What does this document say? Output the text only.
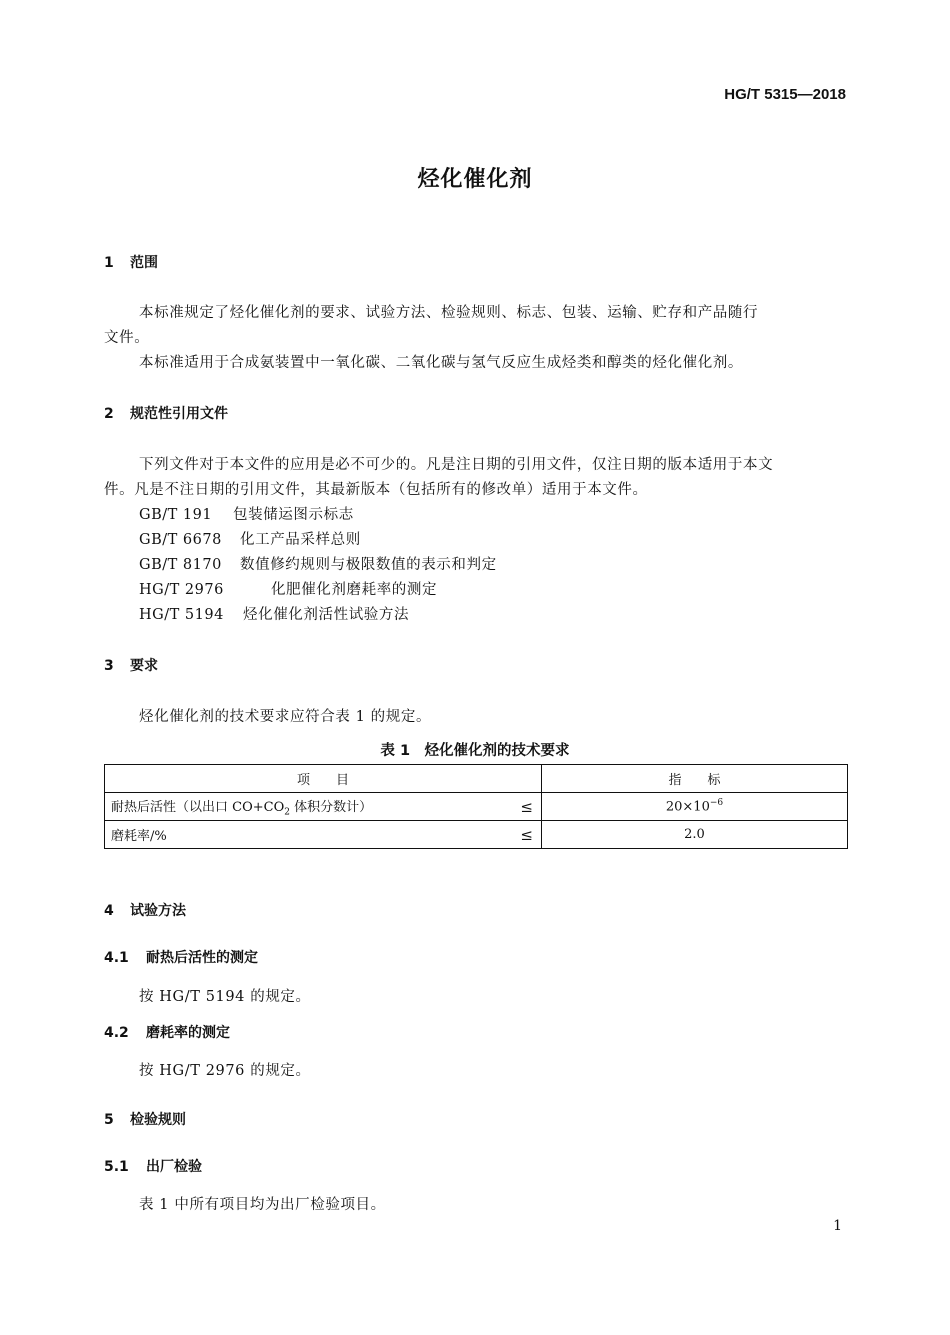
HG/T 5315—2018
烃化催化剂
1 范围
本标准规定了烃化催化剂的要求、试验方法、检验规则、标志、包装、运输、贮存和产品随行
文件。
本标准适用于合成氨装置中一氧化碳、二氧化碳与氢气反应生成烃类和醇类的烃化催化剂。
2 规范性引用文件
下列文件对于本文件的应用是必不可少的。凡是注日期的引用文件，仅注日期的版本适用于本文
件。凡是不注日期的引用文件，其最新版本（包括所有的修改单）适用于本文件。
GB/T 191 包装储运图示标志
GB/T 6678 化工产品采样总则
GB/T 8170 数值修约规则与极限数值的表示和判定
HG/T 2976	化肥催化剂磨耗率的测定
HG/T 5194 烃化催化剂活性试验方法
3 要求
烃化催化剂的技术要求应符合表 1 的规定。
表 1　烃化催化剂的技术要求
项　　目	指　　标
耐热后活性（以出口 $CO+CO_2$ 体积分数计） ≤	$20\times 10^{-6}$
磨耗率/% ≤	2.0
4 试验方法
4.1 耐热后活性的测定
按 HG/T 5194 的规定。
4.2 磨耗率的测定
按 HG/T 2976 的规定。
5 检验规则
5.1 出厂检验
表 1 中所有项目均为出厂检验项目。
1
